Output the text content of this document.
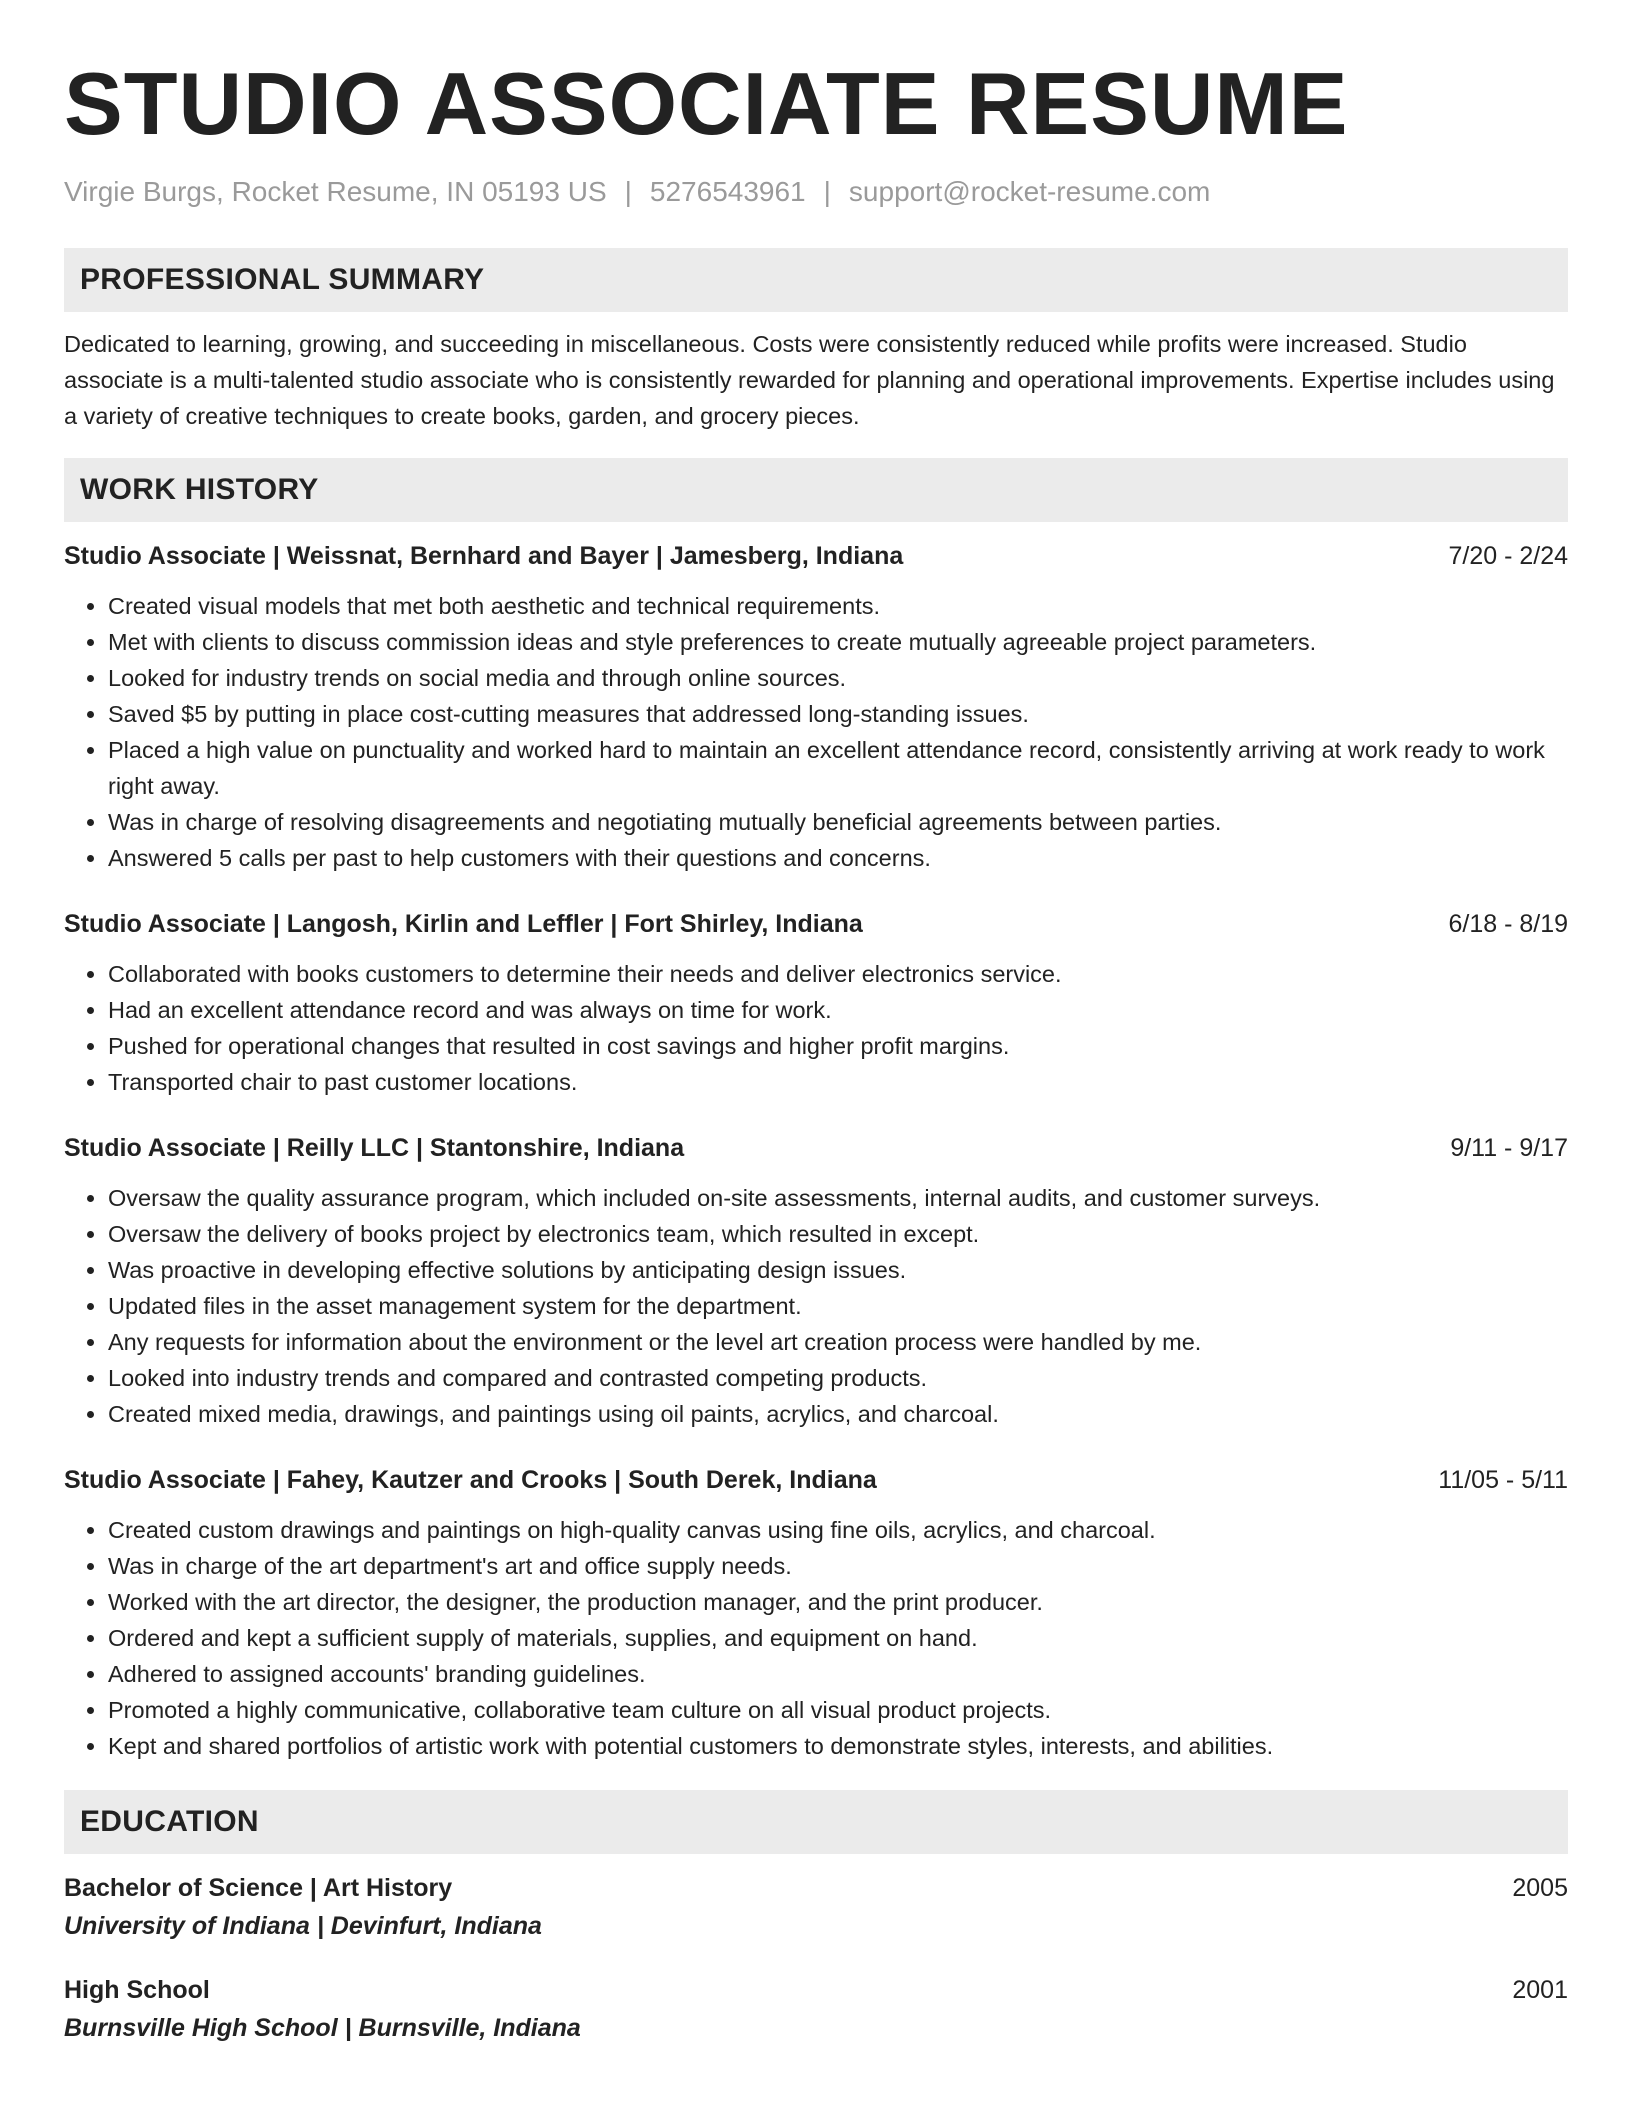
STUDIO ASSOCIATE RESUME
Virgie Burgs, Rocket Resume, IN 05193 US | 5276543961 | support@rocket-resume.com
PROFESSIONAL SUMMARY

Dedicated to learning, growing, and succeeding in miscellaneous. Costs were consistently reduced while profits were increased. Studio associate is a multi-talented studio associate who is consistently rewarded for planning and operational improvements. Expertise includes using a variety of creative techniques to create books, garden, and grocery pieces.

WORK HISTORY
Studio Associate | Weissnat, Bernhard and Bayer | Jamesberg, Indiana	7/20 - 2/24
• Created visual models that met both aesthetic and technical requirements.
• Met with clients to discuss commission ideas and style preferences to create mutually agreeable project parameters.
• Looked for industry trends on social media and through online sources.
• Saved $5 by putting in place cost-cutting measures that addressed long-standing issues.
• Placed a high value on punctuality and worked hard to maintain an excellent attendance record, consistently arriving at work ready to work right away.
• Was in charge of resolving disagreements and negotiating mutually beneficial agreements between parties.
• Answered 5 calls per past to help customers with their questions and concerns.
Studio Associate | Langosh, Kirlin and Leffler | Fort Shirley, Indiana	6/18 - 8/19
• Collaborated with books customers to determine their needs and deliver electronics service.
• Had an excellent attendance record and was always on time for work.
• Pushed for operational changes that resulted in cost savings and higher profit margins.
• Transported chair to past customer locations.
Studio Associate | Reilly LLC | Stantonshire, Indiana	9/11 - 9/17
• Oversaw the quality assurance program, which included on-site assessments, internal audits, and customer surveys.
• Oversaw the delivery of books project by electronics team, which resulted in except.
• Was proactive in developing effective solutions by anticipating design issues.
• Updated files in the asset management system for the department.
• Any requests for information about the environment or the level art creation process were handled by me.
• Looked into industry trends and compared and contrasted competing products.
• Created mixed media, drawings, and paintings using oil paints, acrylics, and charcoal.
Studio Associate | Fahey, Kautzer and Crooks | South Derek, Indiana	11/05 - 5/11
• Created custom drawings and paintings on high-quality canvas using fine oils, acrylics, and charcoal.
• Was in charge of the art department's art and office supply needs.
• Worked with the art director, the designer, the production manager, and the print producer.
• Ordered and kept a sufficient supply of materials, supplies, and equipment on hand.
• Adhered to assigned accounts' branding guidelines.
• Promoted a highly communicative, collaborative team culture on all visual product projects.
• Kept and shared portfolios of artistic work with potential customers to demonstrate styles, interests, and abilities.
EDUCATION
Bachelor of Science | Art History	2005
University of Indiana | Devinfurt, Indiana
High School	2001
Burnsville High School | Burnsville, Indiana
